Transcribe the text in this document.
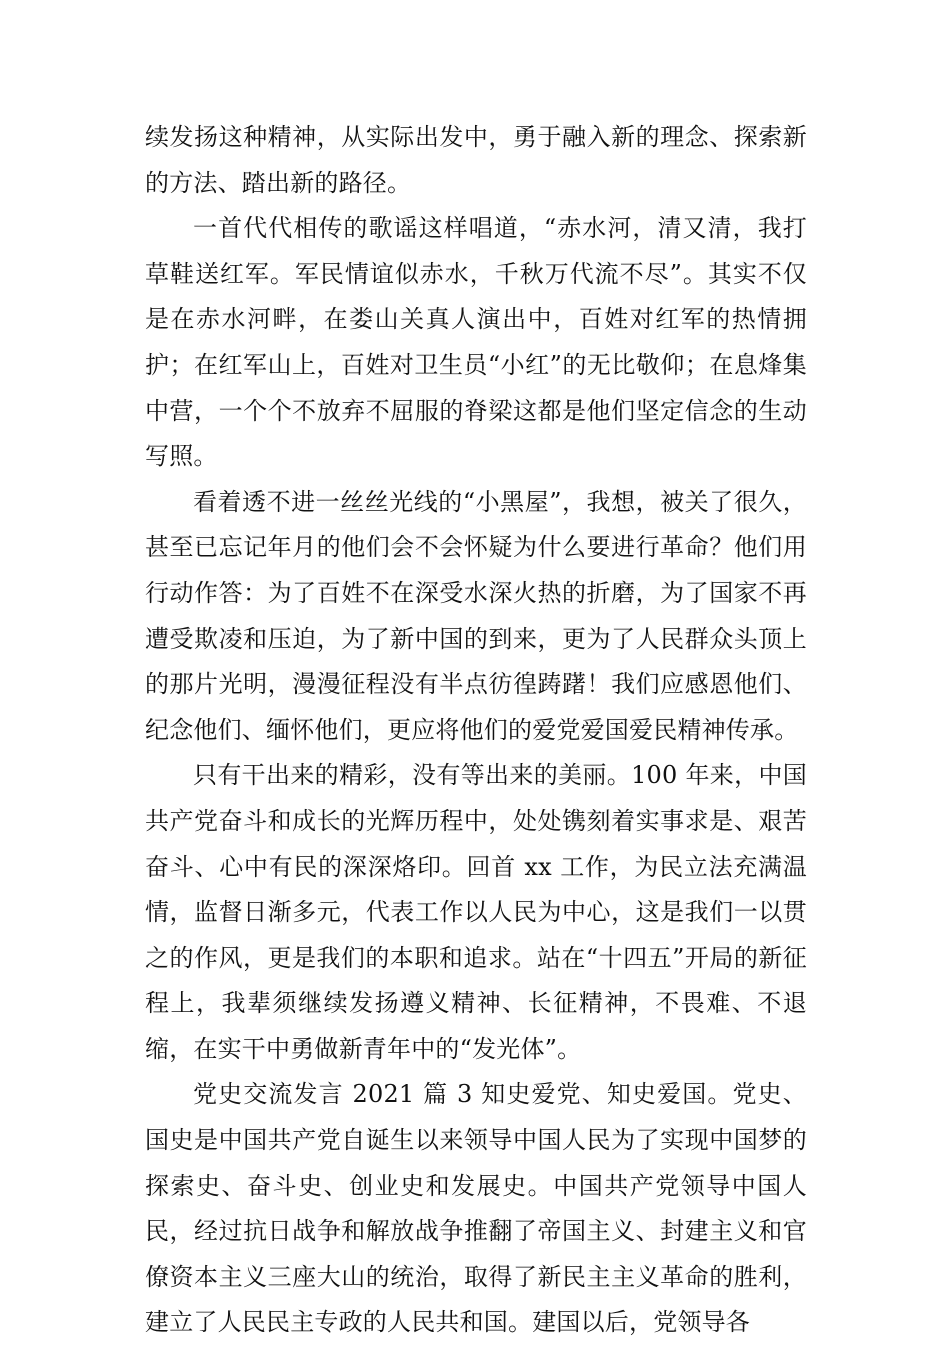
续发扬这种精神，从实际出发中，勇于融入新的理念、探索新的方法、踏出新的路径。

一首代代相传的歌谣这样唱道，“赤水河，清又清，我打草鞋送红军。军民情谊似赤水，千秋万代流不尽”。其实不仅是在赤水河畔，在娄山关真人演出中，百姓对红军的热情拥护；在红军山上，百姓对卫生员“小红”的无比敬仰；在息烽集中营，一个个不放弃不屈服的脊梁这都是他们坚定信念的生动写照。

看着透不进一丝丝光线的“小黑屋”，我想，被关了很久，甚至已忘记年月的他们会不会怀疑为什么要进行革命？他们用行动作答：为了百姓不在深受水深火热的折磨，为了国家不再遭受欺凌和压迫，为了新中国的到来，更为了人民群众头顶上的那片光明，漫漫征程没有半点彷徨踌躇！我们应感恩他们、纪念他们、缅怀他们，更应将他们的爱党爱国爱民精神传承。

只有干出来的精彩，没有等出来的美丽。100 年来，中国共产党奋斗和成长的光辉历程中，处处镌刻着实事求是、艰苦奋斗、心中有民的深深烙印。回首 xx 工作，为民立法充满温情，监督日渐多元，代表工作以人民为中心，这是我们一以贯之的作风，更是我们的本职和追求。站在“十四五”开局的新征程上，我辈须继续发扬遵义精神、长征精神，不畏难、不退缩，在实干中勇做新青年中的“发光体”。

党史交流发言 2021 篇 3 知史爱党、知史爱国。党史、国史是中国共产党自诞生以来领导中国人民为了实现中国梦的探索史、奋斗史、创业史和发展史。中国共产党领导中国人民，经过抗日战争和解放战争推翻了帝国主义、封建主义和官僚资本主义三座大山的统治，取得了新民主主义革命的胜利，建立了人民民主专政的人民共和国。建国以后，党领导各
